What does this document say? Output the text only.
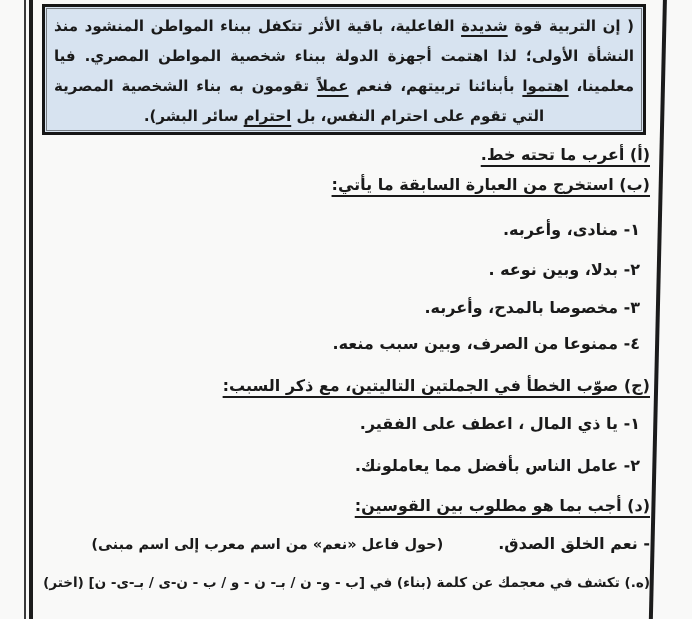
( إن التربية قوة شديدة الفاعلية، باقية الأثر تتكفل ببناء المواطن المنشود منذ
النشأة الأولى؛ لذا اهتمت أجهزة الدولة ببناء شخصية المواطن المصري. فيا
معلمينا، اهتموا بأبنائنا تربيتهم، فنعم عملاً تقومون به بناء الشخصية المصرية
التي تقوم على احترام النفس، بل احترام سائر البشر).
(أ) أعرب ما تحته خط.
(ب) استخرج من العبارة السابقة ما يأتي:
١- منادى، وأعربه.
٢- بدلا، وبين نوعه .
٣- مخصوصا بالمدح، وأعربه.
٤- ممنوعا من الصرف، وبين سبب منعه.
(ج) صوّب الخطأ في الجملتين التاليتين، مع ذكر السبب:
١- يا ذي المال ، اعطف على الفقير.
٢- عامل الناس بأفضل مما يعاملونك.
(د) أجب بما هو مطلوب بين القوسين:
- نعم الخلق الصدق.
(حول فاعل «نعم» من اسم معرب إلى اسم مبنى)
(ه.) تكشف في معجمك عن كلمة (بناء) في [ب - و- ن / بـ- ن - و / ب - ن-ى / بـ-ى- ن] (اختر)
